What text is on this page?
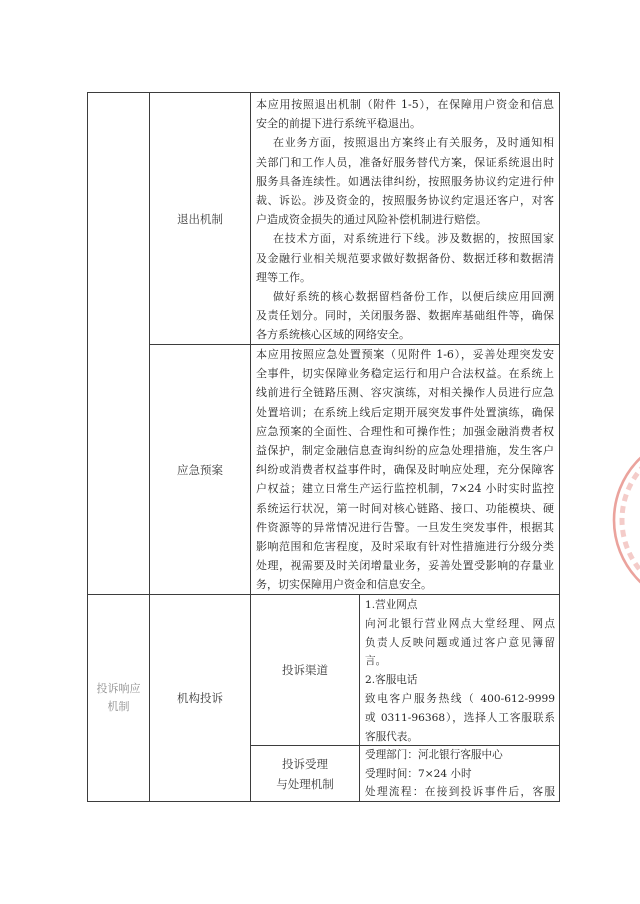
退出机制
本应用按照退出机制（附件 1-5），在保障用户资金和信息
安全的前提下进行系统平稳退出。
在业务方面，按照退出方案终止有关服务，及时通知相
关部门和工作人员，准备好服务替代方案，保证系统退出时
服务具备连续性。如遇法律纠纷，按照服务协议约定进行仲
裁、诉讼。涉及资金的，按照服务协议约定退还客户，对客
户造成资金损失的通过风险补偿机制进行赔偿。
在技术方面，对系统进行下线。涉及数据的，按照国家
及金融行业相关规范要求做好数据备份、数据迁移和数据清
理等工作。
做好系统的核心数据留档备份工作，以便后续应用回溯
及责任划分。同时，关闭服务器、数据库基础组件等，确保
各方系统核心区域的网络安全。
应急预案
本应用按照应急处置预案（见附件 1-6），妥善处理突发安
全事件，切实保障业务稳定运行和用户合法权益。在系统上
线前进行全链路压测、容灾演练，对相关操作人员进行应急
处置培训；在系统上线后定期开展突发事件处置演练，确保
应急预案的全面性、合理性和可操作性；加强金融消费者权
益保护，制定金融信息查询纠纷的应急处理措施，发生客户
纠纷或消费者权益事件时，确保及时响应处理，充分保障客
户权益；建立日常生产运行监控机制，7×24 小时实时监控
系统运行状况，第一时间对核心链路、接口、功能模块、硬
件资源等的异常情况进行告警。一旦发生突发事件，根据其
影响范围和危害程度，及时采取有针对性措施进行分级分类
处理，视需要及时关闭增量业务，妥善处置受影响的存量业
务，切实保障用户资金和信息安全。
投诉响应
机制
机构投诉
投诉渠道
1.营业网点
向河北银行营业网点大堂经理、网点
负责人反映问题或通过客户意见簿留
言。
2.客服电话
致电客户服务热线（ 400-612-9999
或 0311-96368），选择人工客服联系
客服代表。
投诉受理
与处理机制
受理部门：河北银行客服中心
受理时间：7×24 小时
处理流程：在接到投诉事件后，客服
